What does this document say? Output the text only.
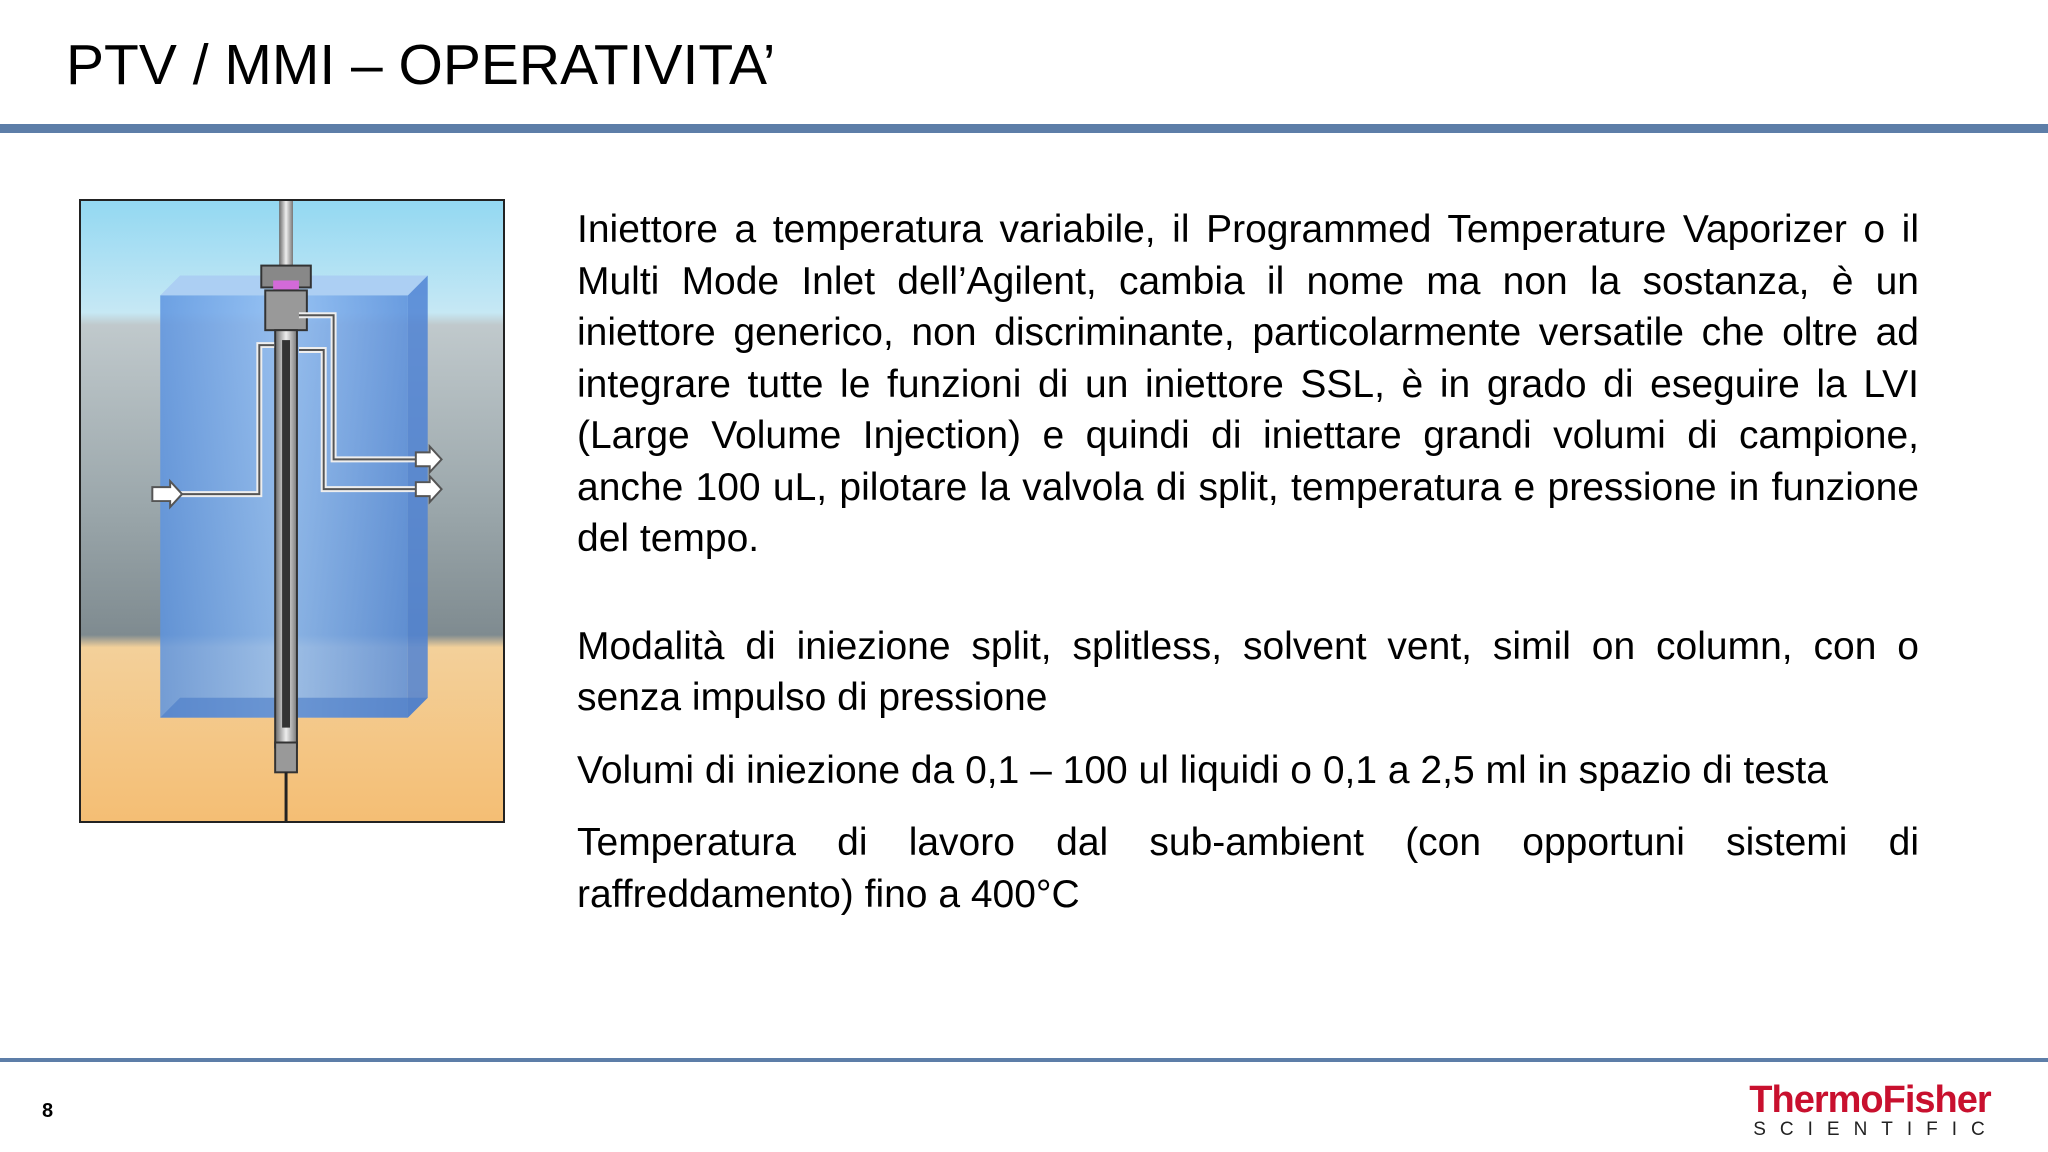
PTV / MMI – OPERATIVITA’

Iniettore a temperatura variabile, il Programmed Temperature Vaporizer o il Multi Mode Inlet dell’Agilent, cambia il nome ma non la sostanza, è un iniettore generico, non discriminante, particolarmente versatile che oltre ad integrare tutte le funzioni di un iniettore SSL, è in grado di eseguire la LVI (Large Volume Injection) e quindi di iniettare grandi volumi di campione, anche 100 uL, pilotare la valvola di split, temperatura e pressione in funzione del tempo.

Modalità di iniezione split, splitless, solvent vent, simil on column, con o senza impulso di pressione

Volumi di iniezione da 0,1 – 100 ul liquidi o 0,1 a 2,5 ml in spazio di testa

Temperatura di lavoro dal sub-ambient (con opportuni sistemi di raffreddamento) fino a 400°C

8	ThermoFisher
SCIENTIFIC
